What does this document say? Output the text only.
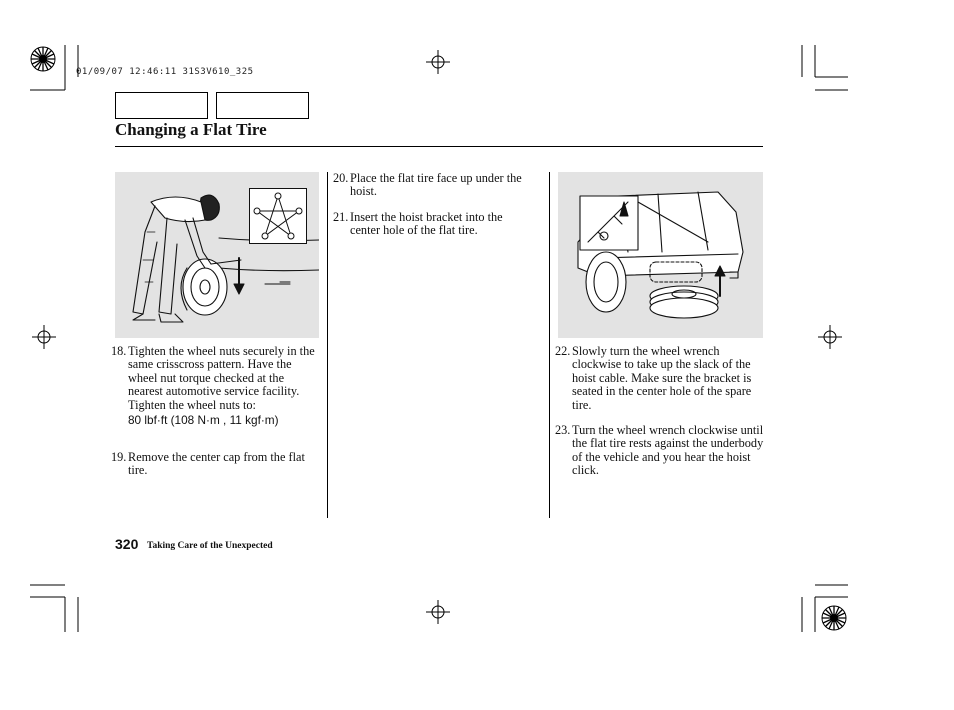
01/09/07 12:46:11 31S3V610_325
Changing a Flat Tire
18. Tighten the wheel nuts securely in the same crisscross pattern. Have the wheel nut torque checked at the nearest automotive service facility.
Tighten the wheel nuts to:
80 lbf·ft (108 N·m , 11 kgf·m)
19. Remove the center cap from the flat tire.
20. Place the flat tire face up under the hoist.
21. Insert the hoist bracket into the center hole of the flat tire.
22. Slowly turn the wheel wrench clockwise to take up the slack of the hoist cable. Make sure the bracket is seated in the center hole of the spare tire.
23. Turn the wheel wrench clockwise until the flat tire rests against the underbody of the vehicle and you hear the hoist click.
320 Taking Care of the Unexpected
